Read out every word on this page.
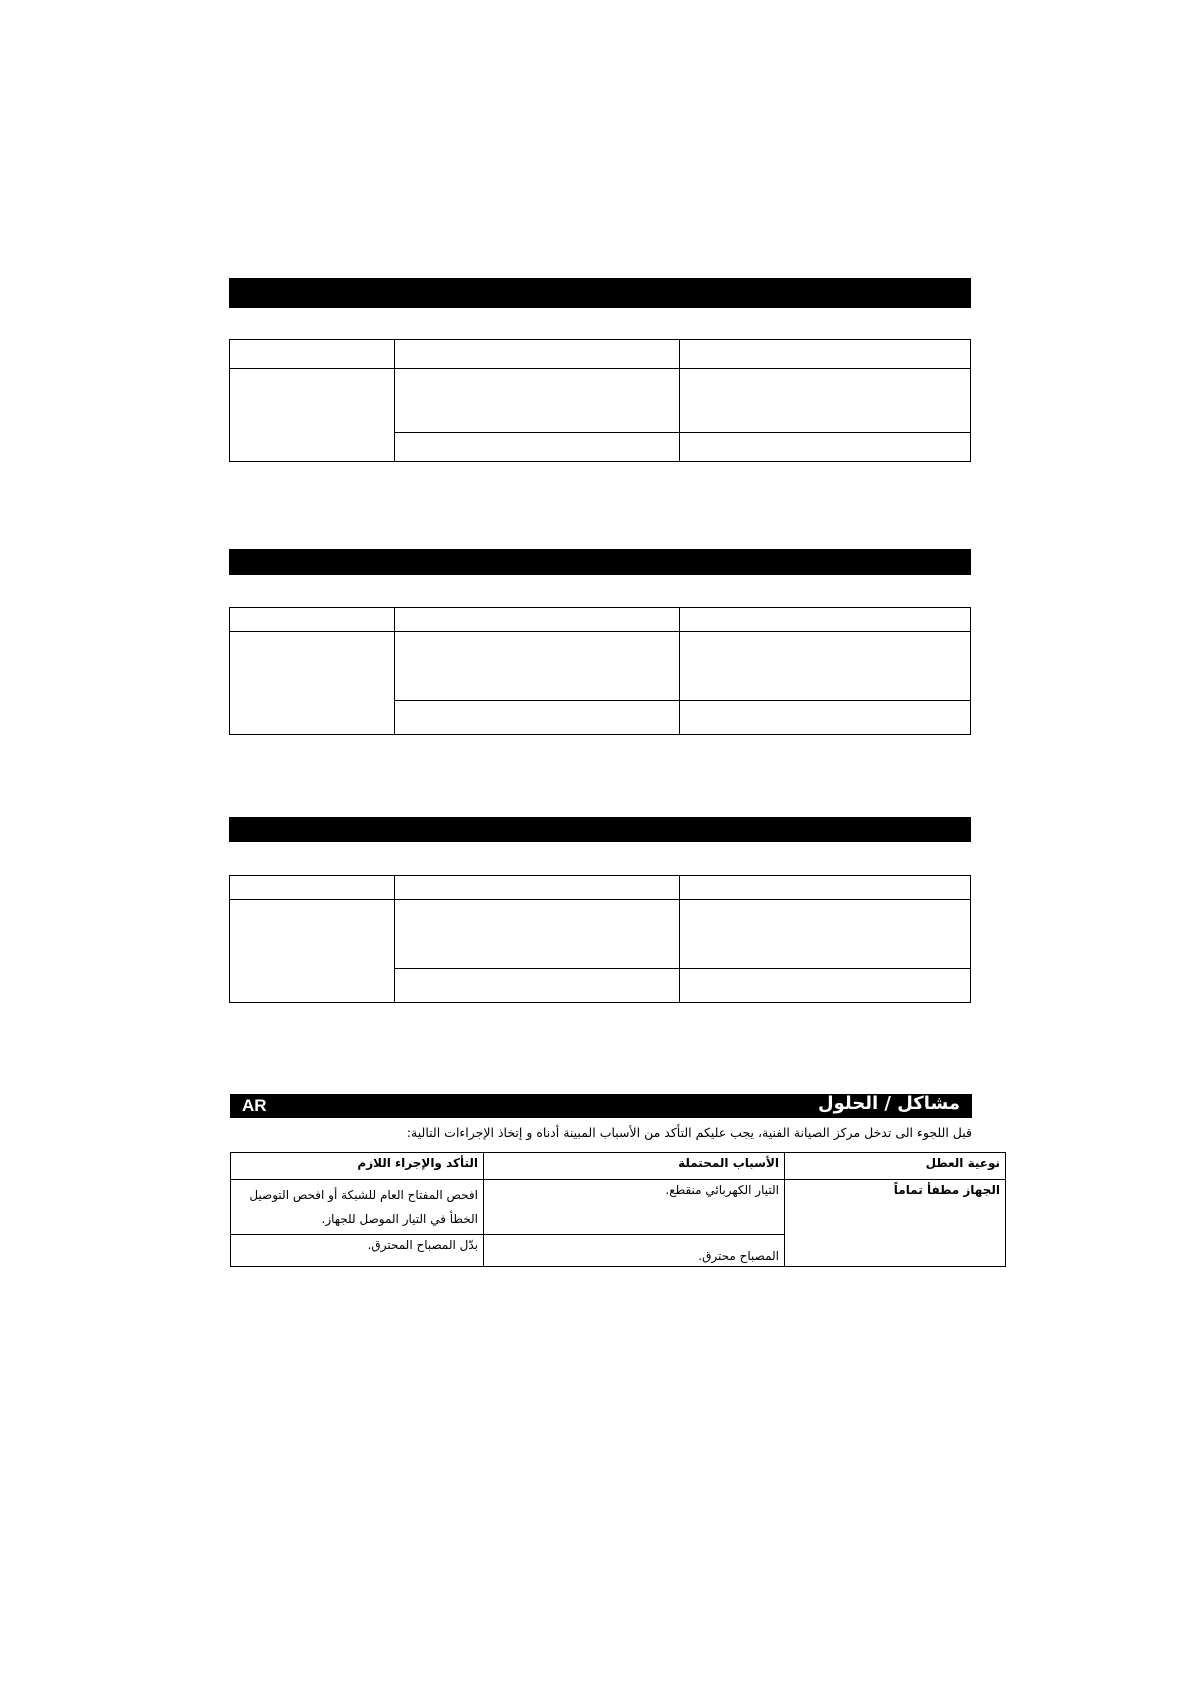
AR	مشاكل / الحلول
قبل اللجوء الى تدخل مركز الصيانة الفنية، يجب عليكم التأكد من الأسباب المبينة أدناه و إتخاذ الإجراءات التالية:
نوعية العطل	الأسباب المحتملة	التأكد والإجراء اللازم
الجهاز مطفأ تماماً	التيار الكهربائي منقطع.	افحص المفتاح العام للشبكة أو افحص التوصيل
الخطأ في التيار الموصل للجهاز.

	المصباح محترق.	بدّل المصباح المحترق.
